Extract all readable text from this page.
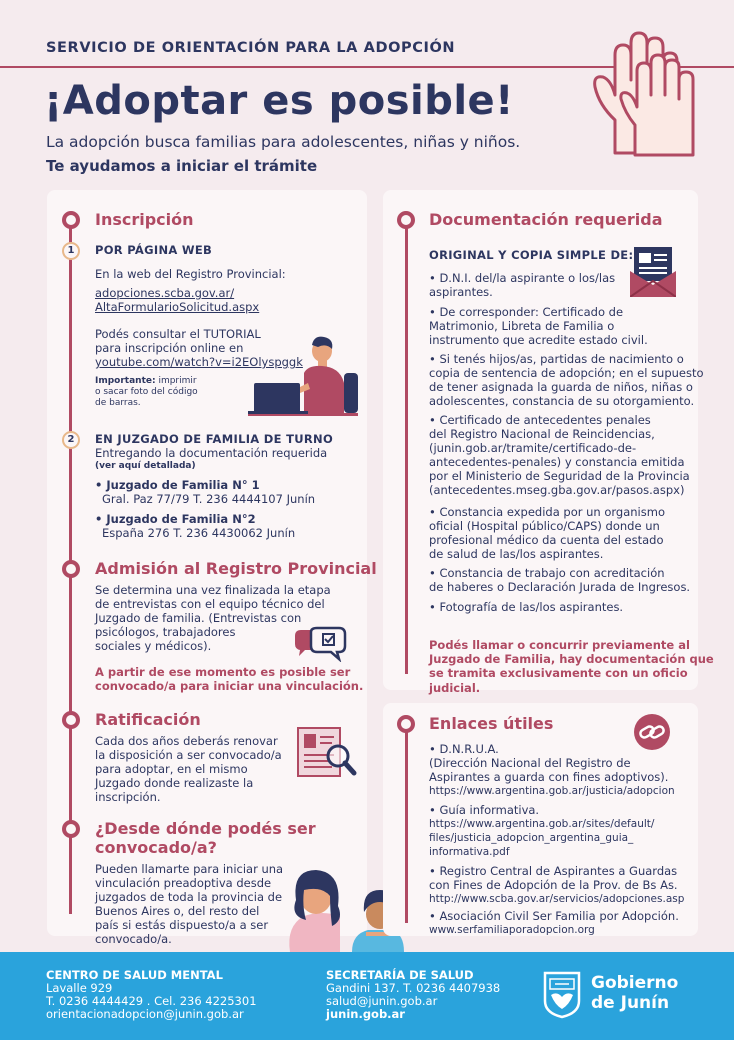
SERVICIO DE ORIENTACIÓN PARA LA ADOPCIÓN
¡Adoptar es posible!
La adopción busca familias para adolescentes, niñas y niños.
Te ayudamos a iniciar el trámite
Inscripción
1	POR PÁGINA WEB
En la web del Registro Provincial:
adopciones.scba.gov.ar/
AltaFormularioSolicitud.aspx
Podés consultar el TUTORIAL
para inscripción online en
youtube.com/watch?v=i2EOlyspggk
Importante: imprimir
o sacar foto del código
de barras.
2	EN JUZGADO DE FAMILIA DE TURNO
Entregando la documentación requerida
(ver aquí detallada)
• Juzgado de Familia N° 1
Gral. Paz 77/79 T. 236 4444107 Junín
• Juzgado de Familia N°2
España 276 T. 236 4430062 Junín
Admisión al Registro Provincial
Se determina una vez finalizada la etapa
de entrevistas con el equipo técnico del
Juzgado de familia. (Entrevistas con
psicólogos, trabajadores
sociales y médicos).
A partir de ese momento es posible ser
convocado/a para iniciar una vinculación.
Ratificación
Cada dos años deberás renovar
la disposición a ser convocado/a
para adoptar, en el mismo
Juzgado donde realizaste la
inscripción.
¿Desde dónde podés ser
convocado/a?
Pueden llamarte para iniciar una
vinculación preadoptiva desde
juzgados de toda la provincia de
Buenos Aires o, del resto del
país si estás dispuesto/a a ser
convocado/a.
Documentación requerida
ORIGINAL Y COPIA SIMPLE DE:
• D.N.I. del/la aspirante o los/las
aspirantes.
• De corresponder: Certificado de
Matrimonio, Libreta de Familia o
instrumento que acredite estado civil.
• Si tenés hijos/as, partidas de nacimiento o
copia de sentencia de adopción; en el supuesto
de tener asignada la guarda de niños, niñas o
adolescentes, constancia de su otorgamiento.
• Certificado de antecedentes penales
del Registro Nacional de Reincidencias,
(junin.gob.ar/tramite/certificado-de-
antecedentes-penales) y constancia emitida
por el Ministerio de Seguridad de la Provincia
(antecedentes.mseg.gba.gov.ar/pasos.aspx)
• Constancia expedida por un organismo
oficial (Hospital público/CAPS) donde un
profesional médico da cuenta del estado
de salud de las/los aspirantes.
• Constancia de trabajo con acreditación
de haberes o Declaración Jurada de Ingresos.
• Fotografía de las/los aspirantes.
Podés llamar o concurrir previamente al
Juzgado de Familia, hay documentación que
se tramita exclusivamente con un oficio judicial.
Enlaces útiles
• D.N.R.U.A.
(Dirección Nacional del Registro de
Aspirantes a guarda con fines adoptivos).
https://www.argentina.gob.ar/justicia/adopcion
• Guía informativa.
https://www.argentina.gob.ar/sites/default/
files/justicia_adopcion_argentina_guia_
informativa.pdf
• Registro Central de Aspirantes a Guardas
con Fines de Adopción de la Prov. de Bs As.
http://www.scba.gov.ar/servicios/adopciones.asp
• Asociación Civil Ser Familia por Adopción.
www.serfamiliaporadopcion.org
CENTRO DE SALUD MENTAL
Lavalle 929
T. 0236 4444429 . Cel. 236 4225301
orientacionadopcion@junin.gob.ar
SECRETARÍA DE SALUD
Gandini 137. T. 0236 4407938
salud@junin.gob.ar
junin.gob.ar
Gobierno
de Junín
